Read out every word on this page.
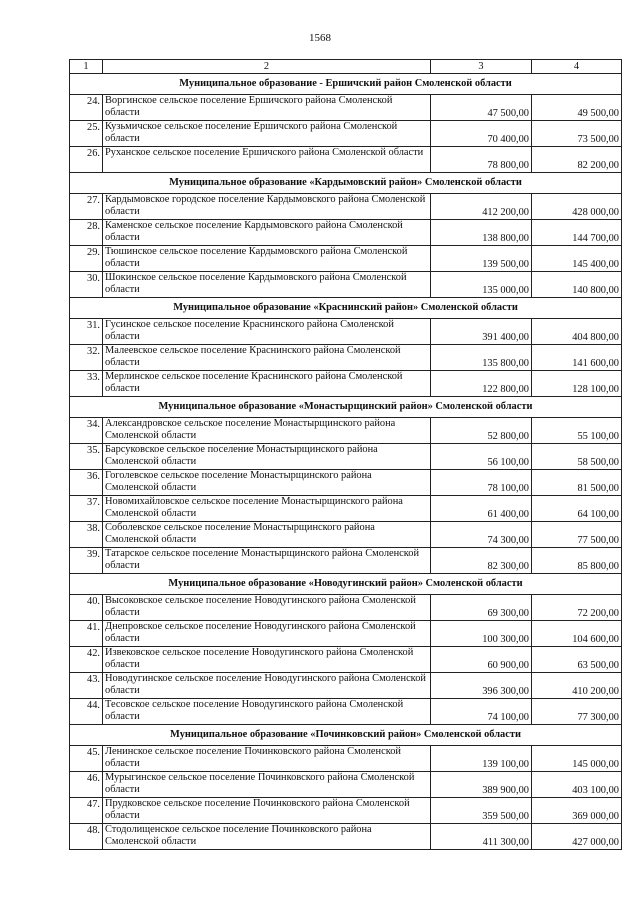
1568
1	2	3	4
Муниципальное образование - Ершичский район Смоленской области			
24.	Воргинское сельское поселение Ершичского района Смоленской области	47 500,00	49 500,00
25.	Кузьмичское сельское поселение Ершичского района Смоленской области	70 400,00	73 500,00
26.	Руханское сельское поселение Ершичского района Смоленской области	78 800,00	82 200,00
Муниципальное образование «Кардымовский район» Смоленской области			
27.	Кардымовское городское поселение Кардымовского района Смоленской области	412 200,00	428 000,00
28.	Каменское сельское поселение Кардымовского района Смоленской области	138 800,00	144 700,00
29.	Тюшинское сельское поселение Кардымовского района Смоленской области	139 500,00	145 400,00
30.	Шокинское сельское поселение Кардымовского района Смоленской области	135 000,00	140 800,00
Муниципальное образование «Краснинский район» Смоленской области			
31.	Гусинское сельское поселение Краснинского района Смоленской области	391 400,00	404 800,00
32.	Малеевское сельское поселение Краснинского района Смоленской области	135 800,00	141 600,00
33.	Мерлинское сельское поселение Краснинского района Смоленской области	122 800,00	128 100,00
Муниципальное образование «Монастырщинский район» Смоленской области			
34.	Александровское сельское поселение Монастырщинского района Смоленской области	52 800,00	55 100,00
35.	Барсуковское сельское поселение Монастырщинского района Смоленской области	56 100,00	58 500,00
36.	Гоголевское сельское поселение Монастырщинского района Смоленской области	78 100,00	81 500,00
37.	Новомихайловское сельское поселение Монастырщинского района Смоленской области	61 400,00	64 100,00
38.	Соболевское сельское поселение Монастырщинского района Смоленской области	74 300,00	77 500,00
39.	Татарское сельское поселение Монастырщинского района Смоленской области	82 300,00	85 800,00
Муниципальное образование «Новодугинский район» Смоленской области			
40.	Высоковское сельское поселение Новодугинского района Смоленской области	69 300,00	72 200,00
41.	Днепровское сельское поселение Новодугинского района Смоленской области	100 300,00	104 600,00
42.	Извековское сельское поселение Новодугинского района Смоленской области	60 900,00	63 500,00
43.	Новодугинское сельское поселение Новодугинского района Смоленской области	396 300,00	410 200,00
44.	Тесовское сельское поселение Новодугинского района Смоленской области	74 100,00	77 300,00
Муниципальное образование «Починковский район» Смоленской области			
45.	Ленинское сельское поселение Починковского района Смоленской области	139 100,00	145 000,00
46.	Мурыгинское сельское поселение Починковского района Смоленской области	389 900,00	403 100,00
47.	Прудковское сельское поселение Починковского района Смоленской области	359 500,00	369 000,00
48.	Стодолищенское сельское поселение Починковского района Смоленской области	411 300,00	427 000,00
